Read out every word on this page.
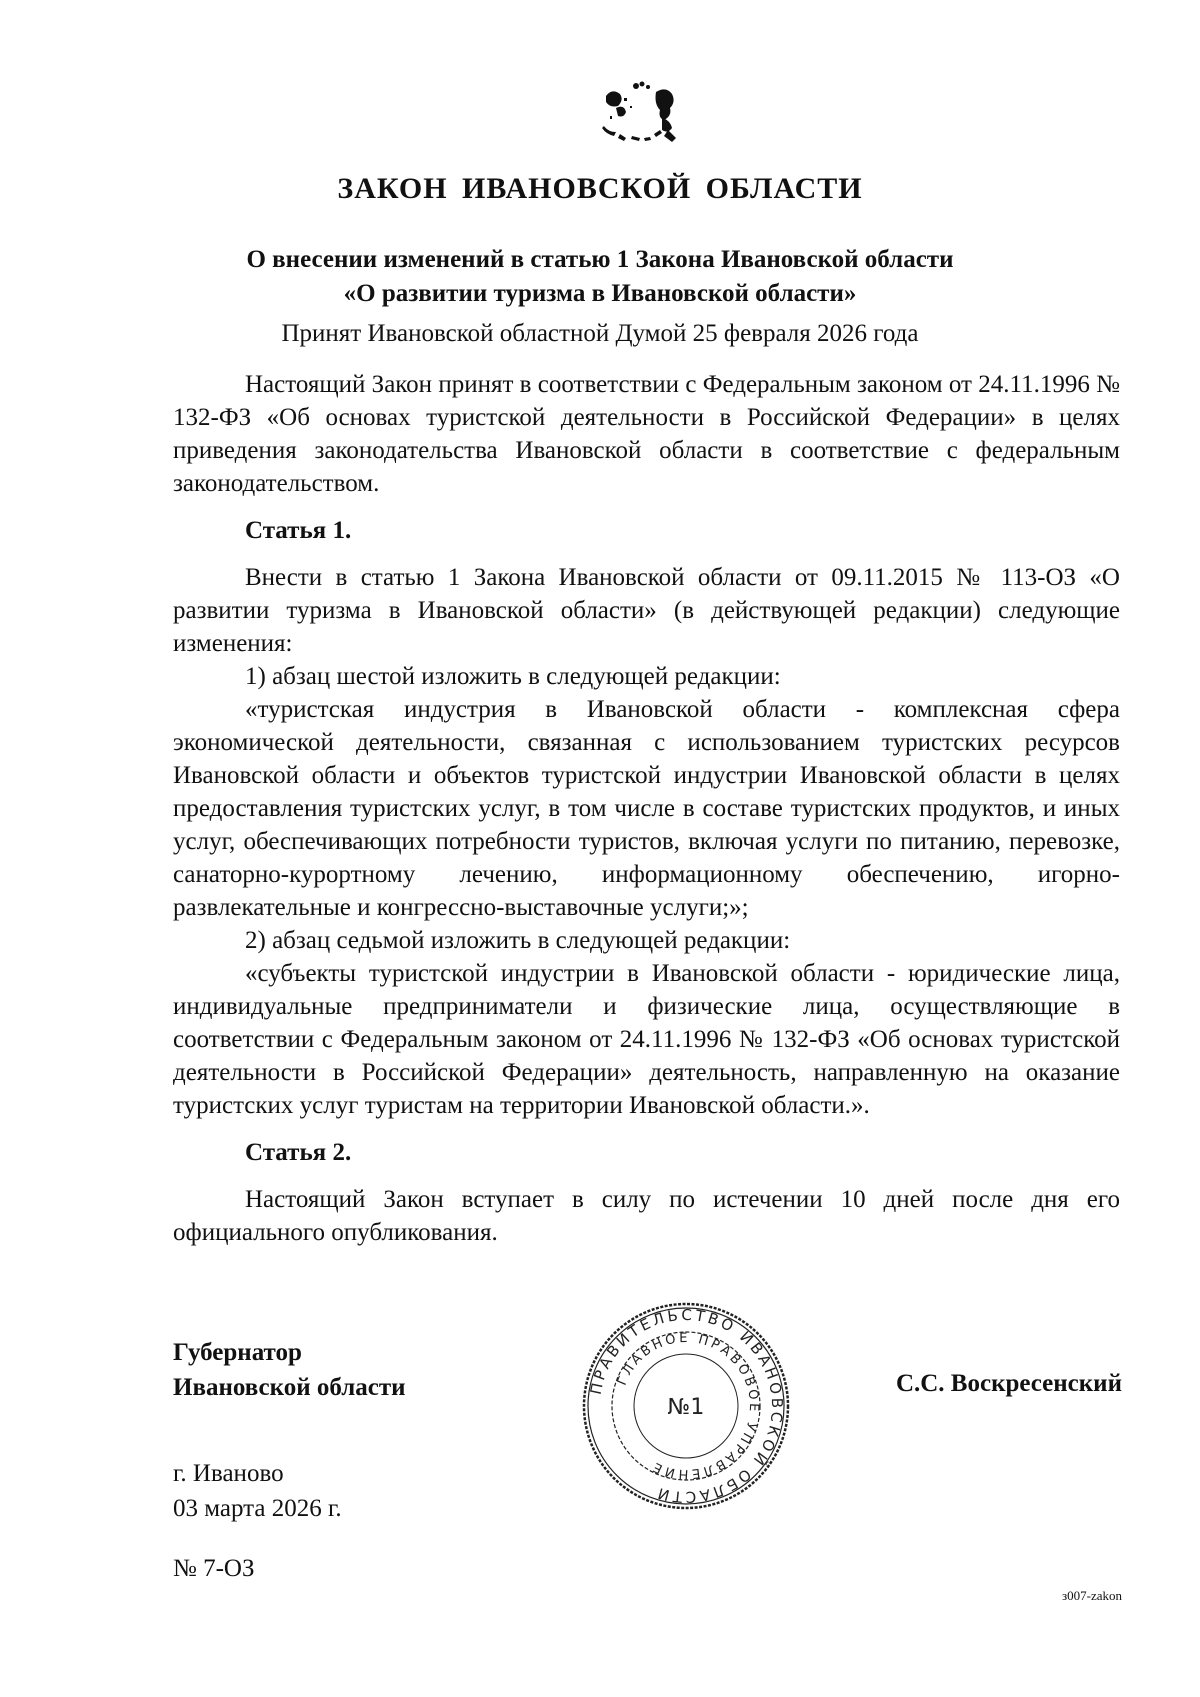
ЗАКОН ИВАНОВСКОЙ ОБЛАСТИ
О внесении изменений в статью 1 Закона Ивановской области
«О развитии туризма в Ивановской области»
Принят Ивановской областной Думой 25 февраля 2026 года

Настоящий Закон принят в соответствии с Федеральным законом от 24.11.1996 № 132-ФЗ «Об основах туристской деятельности в Российской Федерации» в целях приведения законодательства Ивановской области в соответствие с федеральным законодательством.

Статья 1.

Внести в статью 1 Закона Ивановской области от 09.11.2015 № 113-ОЗ «О развитии туризма в Ивановской области» (в действующей редакции) следующие изменения:

1) абзац шестой изложить в следующей редакции:

«туристская индустрия в Ивановской области - комплексная сфера экономической деятельности, связанная с использованием туристских ресурсов Ивановской области и объектов туристской индустрии Ивановской области в целях предоставления туристских услуг, в том числе в составе туристских продуктов, и иных услуг, обеспечивающих потребности туристов, включая услуги по питанию, перевозке, санаторно-курортному лечению, информационному обеспечению, игорно-развлекательные и конгрессно-выставочные услуги;»;

2) абзац седьмой изложить в следующей редакции:

«субъекты туристской индустрии в Ивановской области - юридические лица, индивидуальные предприниматели и физические лица, осуществляющие в соответствии с Федеральным законом от 24.11.1996 № 132-ФЗ «Об основах туристской деятельности в Российской Федерации» деятельность, направленную на оказание туристских услуг туристам на территории Ивановской области.».

Статья 2.

Настоящий Закон вступает в силу по истечении 10 дней после дня его официального опубликования.

Губернатор
Ивановской области	ПРАВИТЕЛЬСТВО ИВАНОВСКОЙ ОБЛАСТИ
ГЛАВНОЕ ПРАВОВОЕ УПРАВЛЕНИЕ
№1
С.С. Воскресенский
г. Иваново
03 марта 2026 г.
№ 7-ОЗ
з007-zakon
